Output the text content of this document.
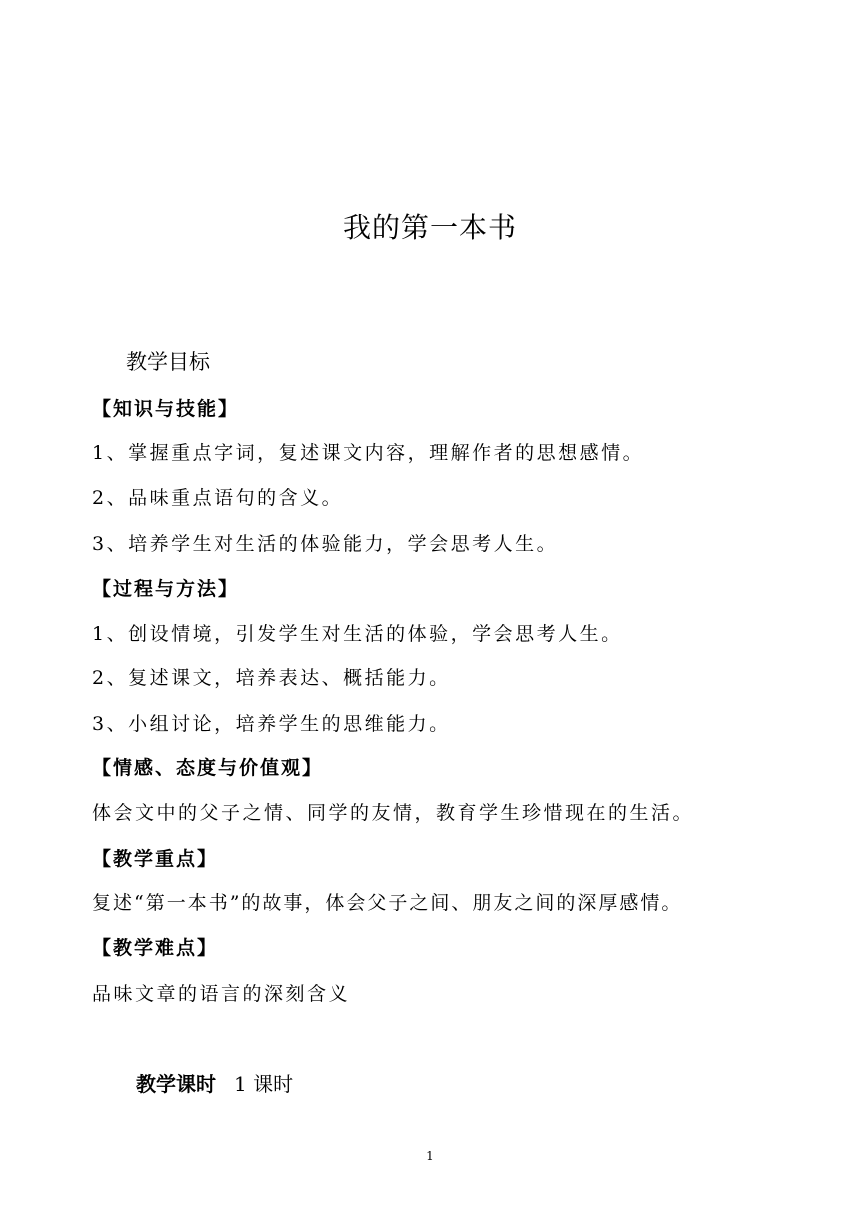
我的第一本书
教学目标
【知识与技能】
1、掌握重点字词，复述课文内容，理解作者的思想感情。
2、品味重点语句的含义。
3、培养学生对生活的体验能力，学会思考人生。
【过程与方法】
1、创设情境，引发学生对生活的体验，学会思考人生。
2、复述课文，培养表达、概括能力。
3、小组讨论，培养学生的思维能力。
【情感、态度与价值观】
体会文中的父子之情、同学的友情，教育学生珍惜现在的生活。
【教学重点】
复述“第一本书”的故事，体会父子之间、朋友之间的深厚感情。
【教学难点】
品味文章的语言的深刻含义
教学课时 1 课时
1
